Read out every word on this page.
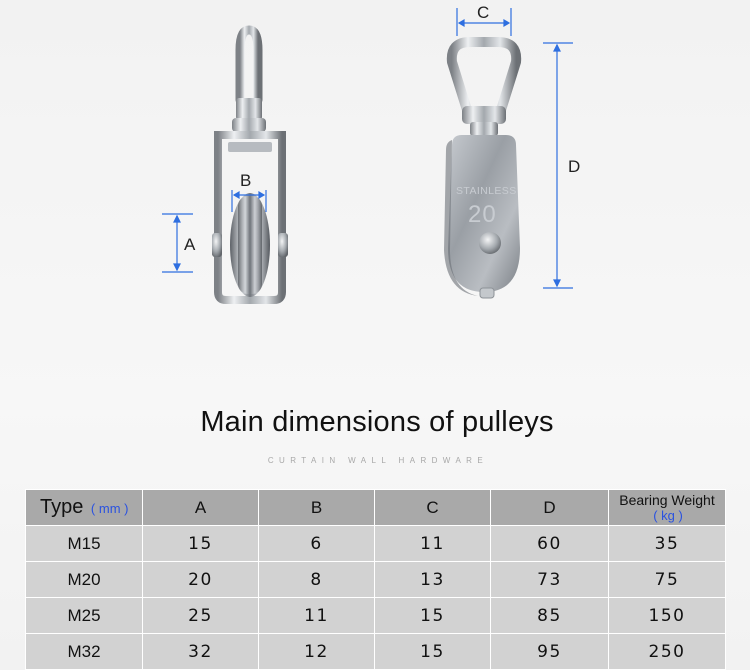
B
A
STAINLESS
20
C
D
Main dimensions of pulleys
CURTAIN WALL HARDWARE
Type ( mm )	A	B	C	D	Bearing Weight
( kg )

M15	15	6	11	60	35
M20	20	8	13	73	75
M25	25	11	15	85	150
M32	32	12	15	95	250
